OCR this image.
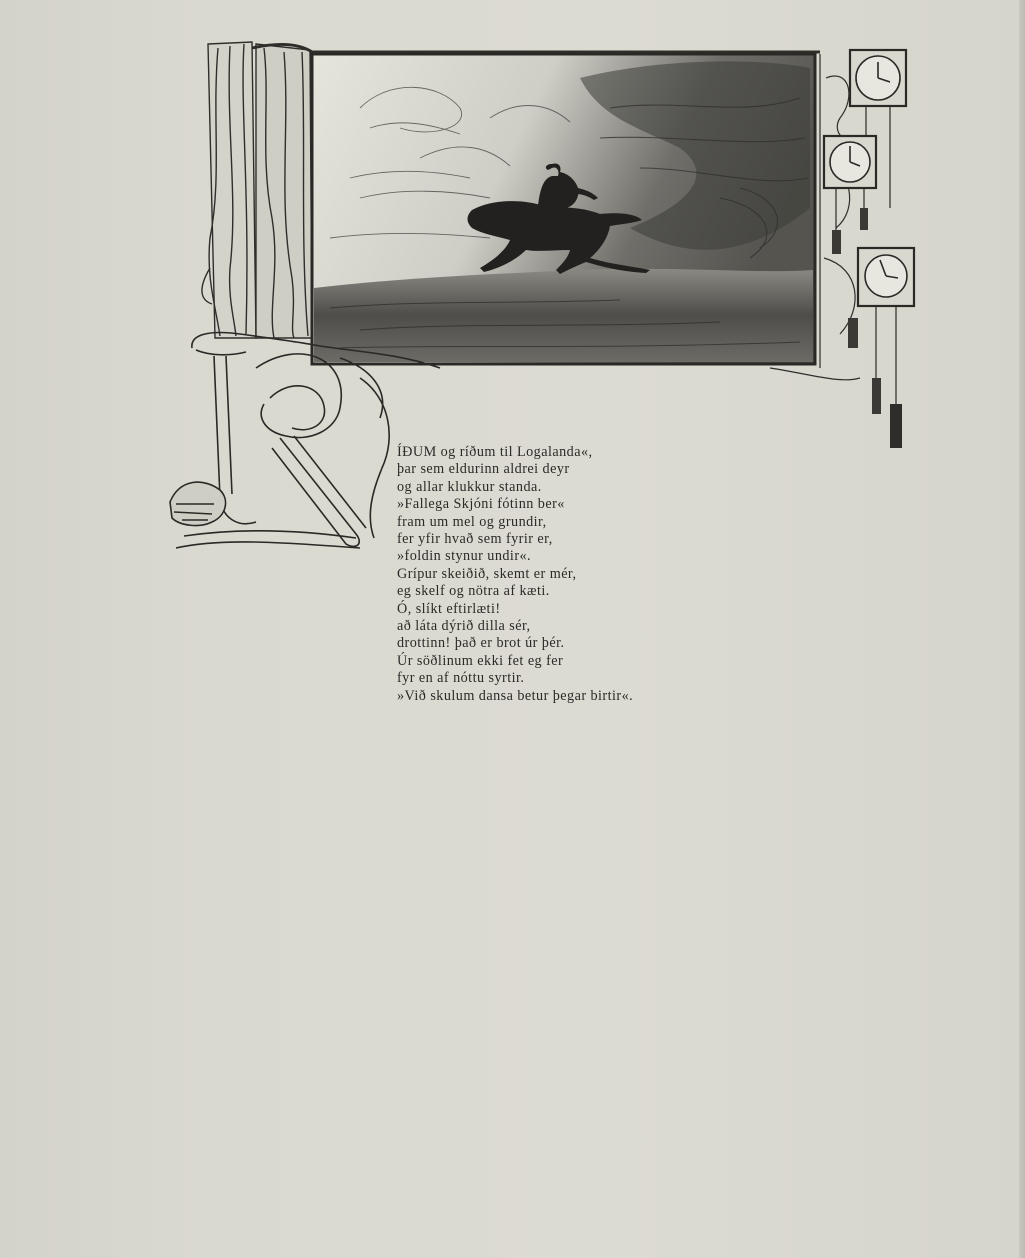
ÍÐUM og ríðum til Logalanda«,
þar sem eldurinn aldrei deyr
og allar klukkur standa.
»Fallega Skjóni fótinn ber«
fram um mel og grundir,
fer yfir hvað sem fyrir er,
»foldin stynur undir«.
Grípur skeiðið, skemt er mér,
eg skelf og nötra af kæti.
Ó, slíkt eftirlæti!
að láta dýrið dilla sér,
drottinn! það er brot úr þér.
Úr söðlinum ekki fet eg fer
fyr en af nóttu syrtir.
»Við skulum dansa betur þegar birtir«.
